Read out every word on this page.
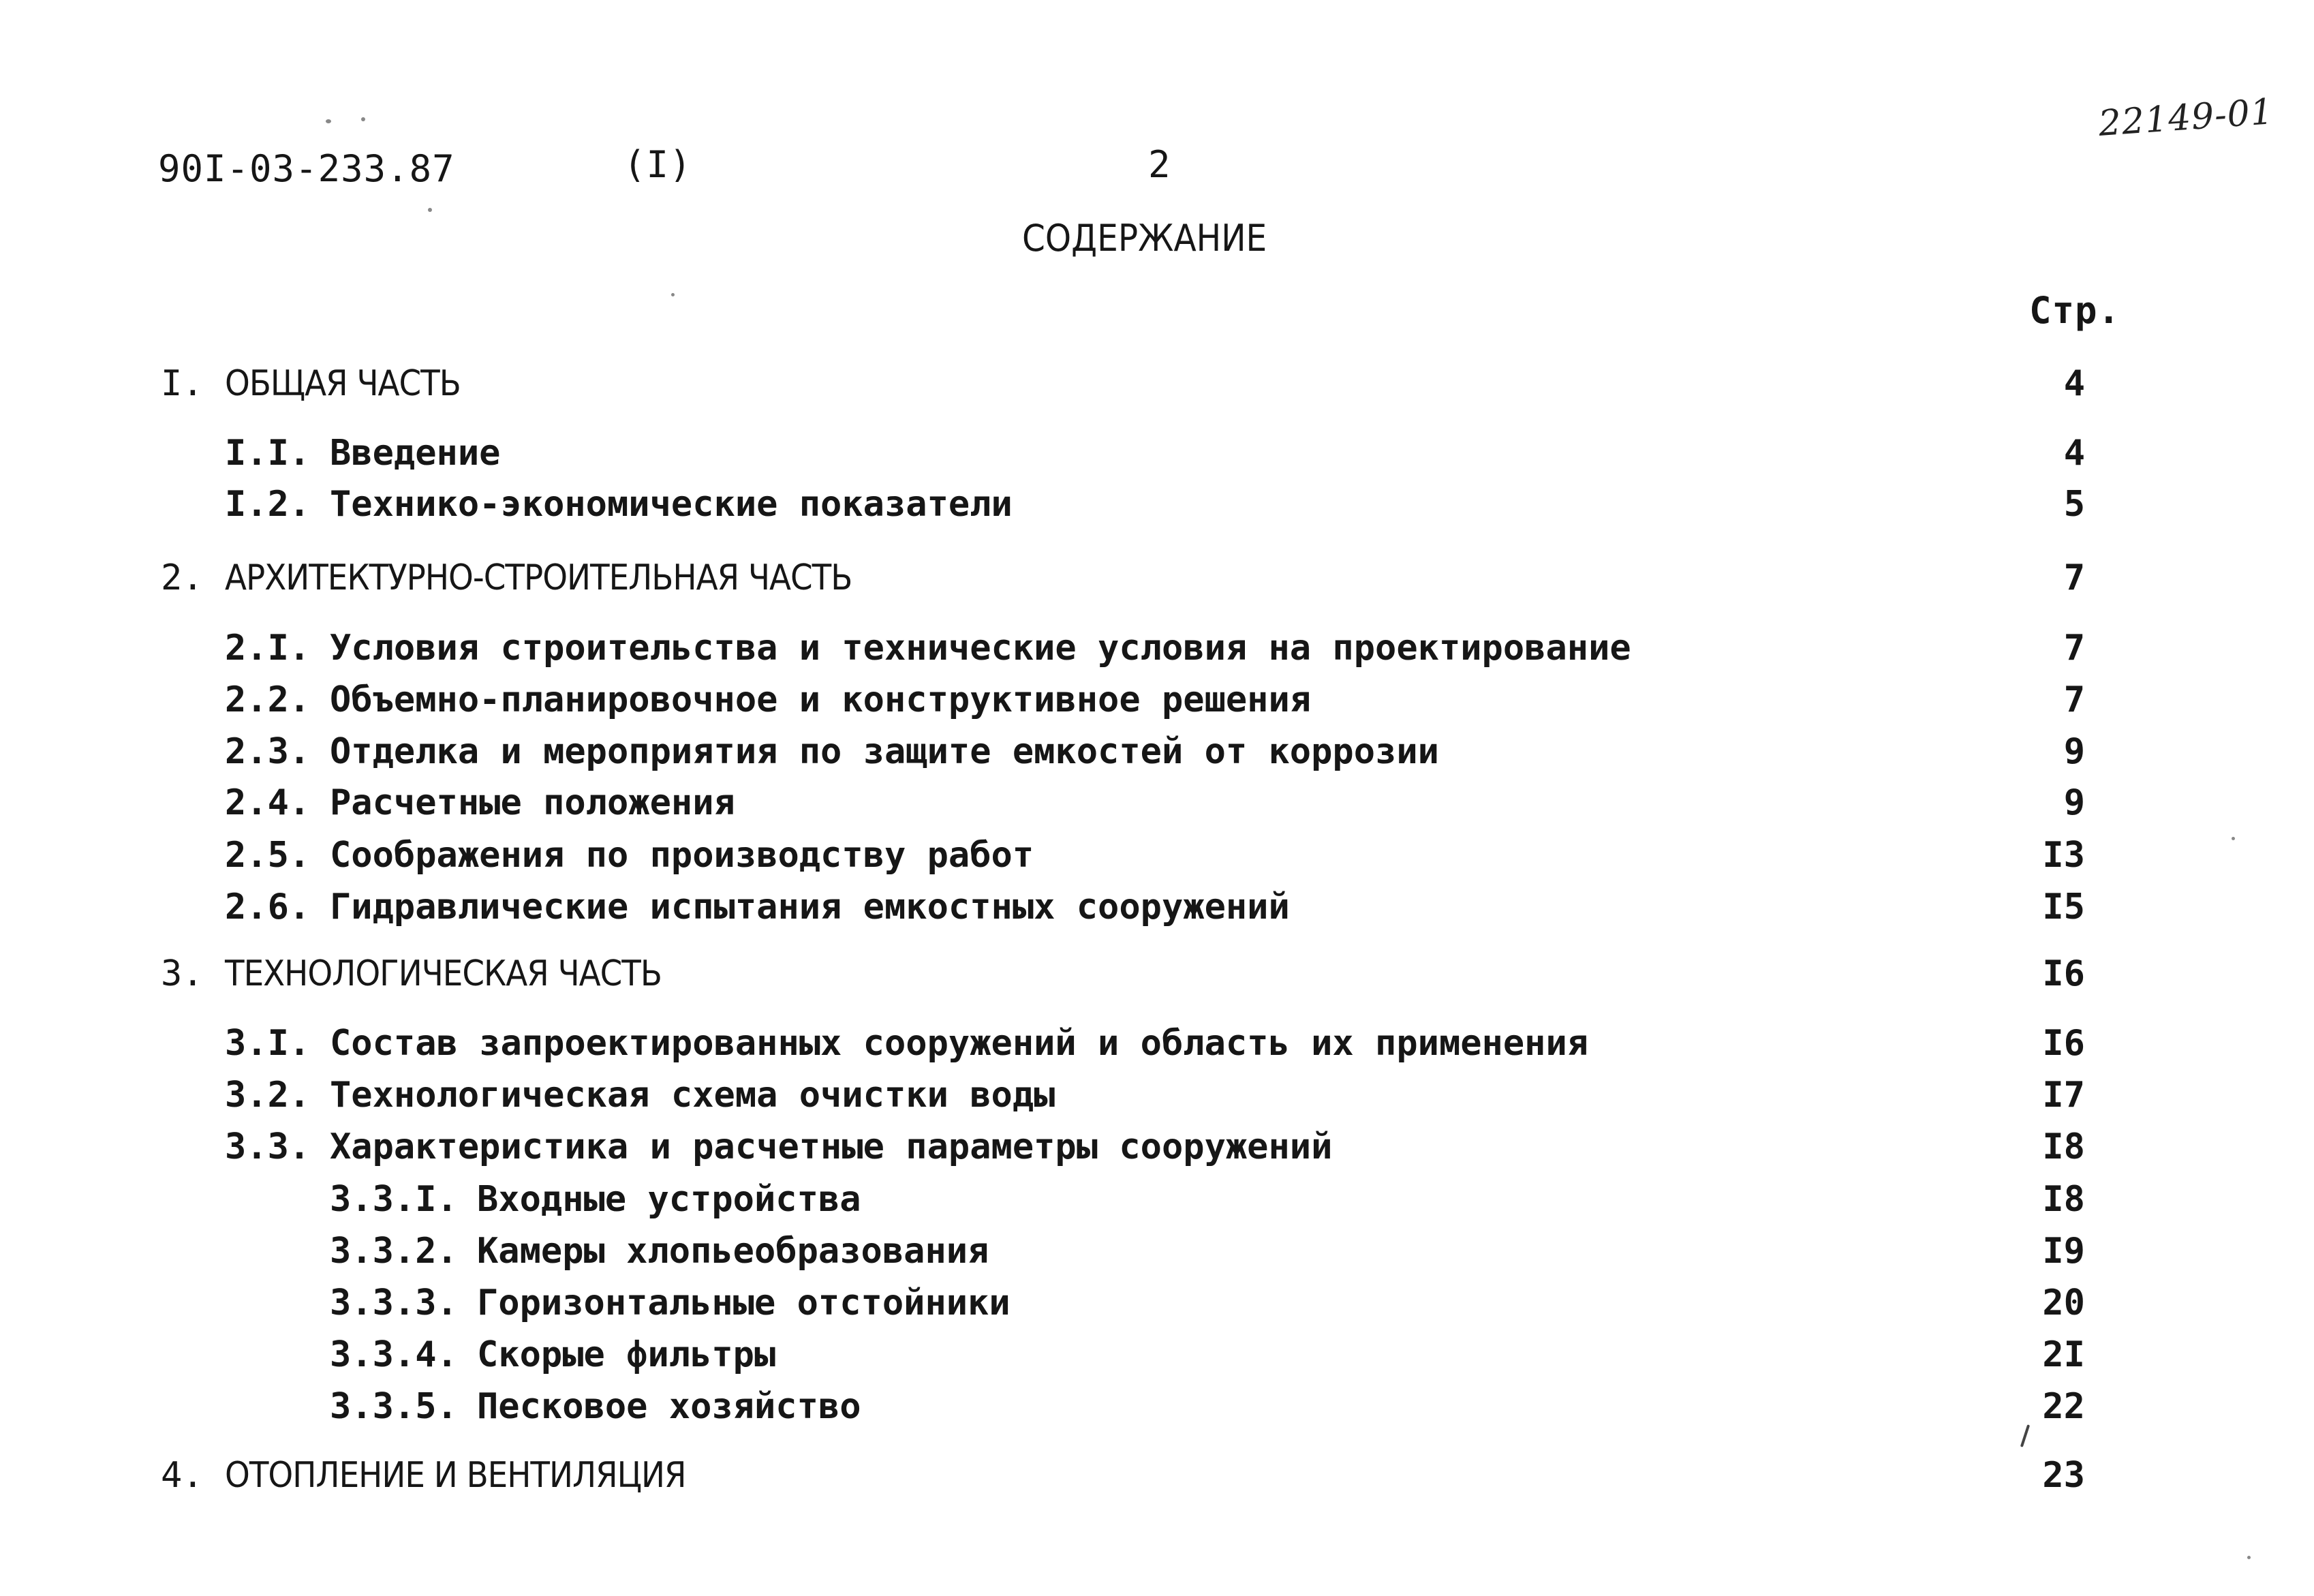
90I-03-233.87	(I)	2
22149-01
СОДЕРЖАНИЕ
Стр.
I. ОБЩАЯ ЧАСТЬ	4
I.I. Введение	4
I.2. Технико-экономические показатели	5
2. АРХИТЕКТУРНО-СТРОИТЕЛЬНАЯ ЧАСТЬ	7
2.I. Условия строительства и технические условия на проектирование	7
2.2. Объемно-планировочное и конструктивное решения	7
2.3. Отделка и мероприятия по защите емкостей от коррозии	9
2.4. Расчетные положения	9
2.5. Соображения по производству работ	I3
2.6. Гидравлические испытания емкостных сооружений	I5
3. ТЕХНОЛОГИЧЕСКАЯ ЧАСТЬ	I6
3.I. Состав запроектированных сооружений и область их применения	I6
3.2. Технологическая схема очистки воды	I7
3.3. Характеристика и расчетные параметры сооружений	I8
3.3.I. Входные устройства	I8
3.3.2. Камеры хлопьеобразования	I9
3.3.3. Горизонтальные отстойники	20
3.3.4. Скорые фильтры	2I
3.3.5. Песковое хозяйство	22
4. ОТОПЛЕНИЕ И ВЕНТИЛЯЦИЯ	23
